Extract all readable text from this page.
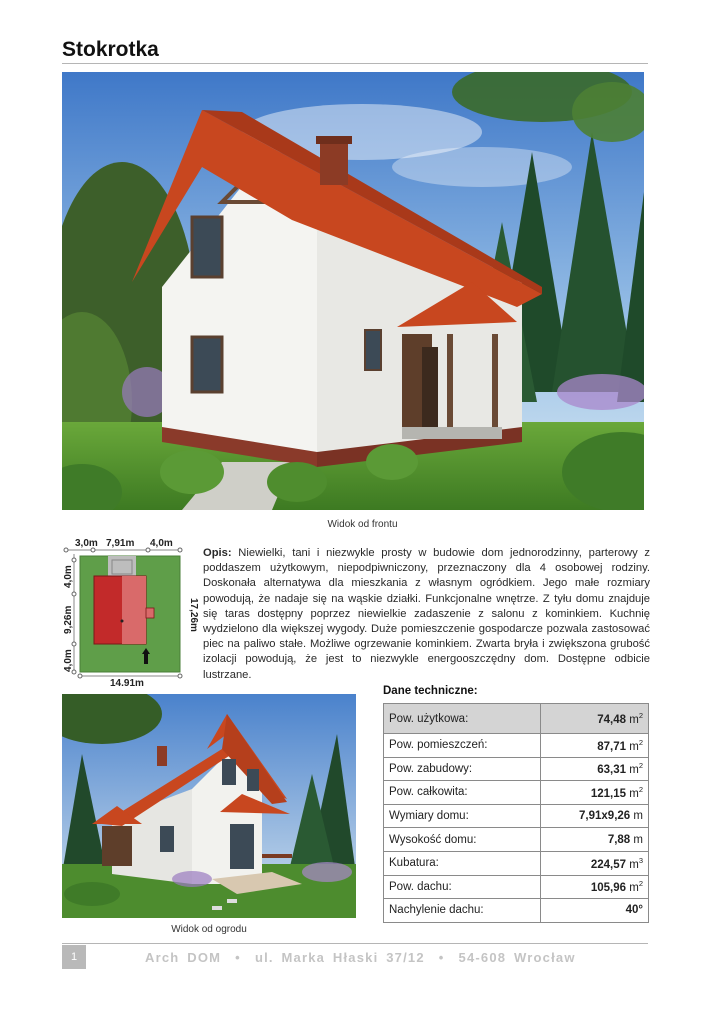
Stokrotka
Widok od frontu
3,0m 7,91m 4,0m
4,0m
9,26m
4,0m
17,26m
14,91m
Opis: Niewielki, tani i niezwykle prosty w budowie dom jednorodzinny, parterowy z poddaszem użytkowym, niepodpiwniczony, przeznaczony dla 4 osobowej rodziny. Doskonała alternatywa dla mieszkania z własnym ogródkiem. Jego małe rozmiary powodują, że nadaje się na wąskie działki. Funkcjonalne wnętrze. Z tyłu domu znajduje się taras dostępny poprzez niewielkie zadaszenie z salonu z kominkiem. Kuchnię wydzielono dla większej wygody. Duże pomieszczenie gospodarcze pozwala zastosować piec na paliwo stałe. Możliwe ogrzewanie kominkiem. Zwarta bryła i zwiększona grubość izolacji powodują, że jest to niezwykle energooszczędny dom. Dostępne odbicie lustrzane.
Widok od ogrodu
Dane techniczne:
Pow. użytkowa:	74,48 $m^2$
Pow. pomieszczeń:	87,71 $m^2$
Pow. zabudowy:	63,31 $m^2$
Pow. całkowita:	121,15 $m^2$
Wymiary domu:	7,91x9,26 m
Wysokość domu:	7,88 m
Kubatura:	224,57 $m^3$
Pow. dachu:	105,96 $m^2$
Nachylenie dachu:	40°
1	Arch DOM • ul. Marka Hłaski 37/12 • 54-608 Wrocław
